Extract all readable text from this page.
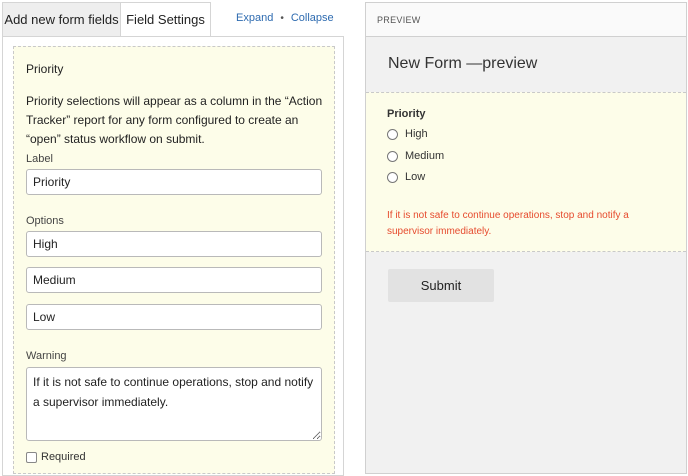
Add new form fields Field Settings	Expand • Collapse
Priority
Priority selections will appear as a column in the “Action Tracker” report for any form configured to create an “open” status workflow on submit.
Label
Priority
Options
High
Medium
Low
Warning
If it is not safe to continue operations, stop and notify a supervisor immediately.
Required
PREVIEW
New Form —preview
Priority
High
Medium
Low
If it is not safe to continue operations, stop and notify a supervisor immediately.
Submit
